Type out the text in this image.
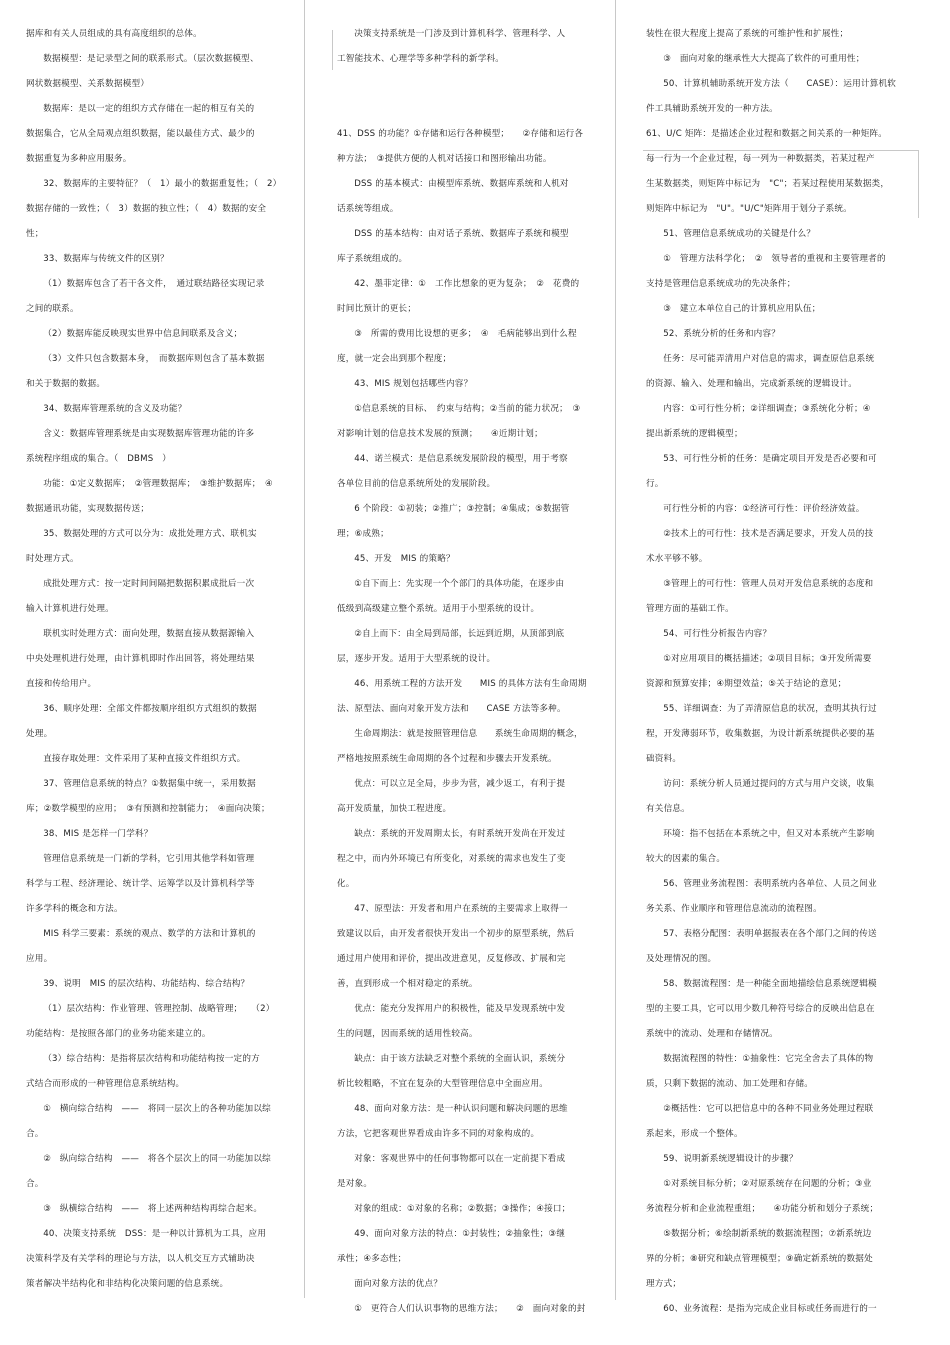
据库和有关人员组成的具有高度组织的总体。

数据模型：是记录型之间的联系形式。（层次数据模型、

网状数据模型、关系数据模型）

数据库：是以一定的组织方式存储在一起的相互有关的

数据集合，它从全局观点组织数据，能以最佳方式、最少的

数据重复为多种应用服务。

32、数据库的主要特征？（　1）最小的数据重复性；（　2）

数据存储的一致性；（　3）数据的独立性；（　4）数据的安全

性；

33、数据库与传统文件的区别？

（1）数据库包含了若干各文件，　通过联结路径实现记录

之间的联系。

（2）数据库能反映现实世界中信息间联系及含义；

（3）文件只包含数据本身，　而数据库则包含了基本数据

和关于数据的数据。

34、数据库管理系统的含义及功能？

含义：数据库管理系统是由实现数据库管理功能的许多

系统程序组成的集合。（　DBMS　）

功能：①定义数据库；　②管理数据库；　③维护数据库；　④

数据通讯功能，实现数据传送；

35、数据处理的方式可以分为：成批处理方式、联机实

时处理方式。

成批处理方式：按一定时间间隔把数据积累成批后一次

输入计算机进行处理。

联机实时处理方式：面向处理，数据直接从数据源输入

中央处理机进行处理，由计算机即时作出回答，将处理结果

直接和传给用户。

36、顺序处理：全部文件都按顺序组织方式组织的数据

处理。

直接存取处理：文件采用了某种直接文件组织方式。

37、管理信息系统的特点？①数据集中统一，采用数据

库；②数学模型的应用；　③有预测和控制能力；　④面向决策；

38、MIS 是怎样一门学科？

管理信息系统是一门新的学科，它引用其他学科如管理

科学与工程、经济理论、统计学、运筹学以及计算机科学等

许多学科的概念和方法。

MIS 科学三要素：系统的观点、数学的方法和计算机的

应用。

39、说明　MIS 的层次结构、功能结构、综合结构？

（1）层次结构：作业管理、管理控制、战略管理；　　（2）

功能结构：是按照各部门的业务功能来建立的。

（3）综合结构：是指将层次结构和功能结构按一定的方

式结合而形成的一种管理信息系统结构。

①　横向综合结构　——　将同一层次上的各种功能加以综

合。

②　纵向综合结构　——　将各个层次上的同一功能加以综

合。

③　纵横综合结构　——　将上述两种结构再综合起来。

40、决策支持系统　DSS：是一种以计算机为工具，应用

决策科学及有关学科的理论与方法，以人机交互方式辅助决

策者解决半结构化和非结构化决策问题的信息系统。

决策支持系统是一门涉及到计算机科学、管理科学、人

工智能技术、心理学等多种学科的新学科。

41、DSS 的功能？①存储和运行各种模型；　　②存储和运行各

种方法；　③提供方便的人机对话接口和图形输出功能。

DSS 的基本模式：由模型库系统、数据库系统和人机对

话系统等组成。

DSS 的基本结构：由对话子系统、数据库子系统和模型

库子系统组成的。

42、墨菲定律：①　工作比想象的更为复杂；　②　花费的

时间比预计的更长；

③　所需的费用比设想的更多；　④　毛病能够出到什么程

度，就一定会出到那个程度；

43、MIS 规划包括哪些内容？

①信息系统的目标、　约束与结构；②当前的能力状况；　③

对影响计划的信息技术发展的预测；　　④近期计划；

44、诺兰模式：是信息系统发展阶段的模型，用于考察

各单位目前的信息系统所处的发展阶段。

6 个阶段：①初装；②推广；③控制；④集成；⑤数据管

理；⑥成熟；

45、开发　MIS 的策略？

①自下而上：先实现一个个部门的具体功能，在逐步由

低级到高级建立整个系统。适用于小型系统的设计。

②自上而下：由全局到局部，长远到近期，从顶部到底

层，逐步开发。适用于大型系统的设计。

46、用系统工程的方法开发　　MIS 的具体方法有生命周期

法、原型法、面向对象开发方法和　　CASE 方法等多种。

生命周期法：就是按照管理信息　　系统生命周期的概念，

严格地按照系统生命周期的各个过程和步骤去开发系统。

优点：可以立足全局，步步为营，减少返工，有利于提

高开发质量，加快工程进度。

缺点：系统的开发周期太长，有时系统开发尚在开发过

程之中，而内外环境已有所变化，对系统的需求也发生了变

化。

47、原型法：开发者和用户在系统的主要需求上取得一

致建议以后，由开发者很快开发出一个初步的原型系统，然后

通过用户使用和评价，提出改进意见，反复修改、扩展和完

善，直到形成一个相对稳定的系统。

优点：能充分发挥用户的积极性，能及早发现系统中发

生的问题，因而系统的适用性较高。

缺点：由于该方法缺乏对整个系统的全面认识，系统分

析比较粗略，不宜在复杂的大型管理信息中全面应用。

48、面向对象方法：是一种认识问题和解决问题的思维

方法，它把客观世界看成由许多不同的对象构成的。

对象：客观世界中的任何事物都可以在一定前提下看成

是对象。

对象的组成：①对象的名称；②数据；③操作；④接口；

49、面向对象方法的特点：①封装性；②抽象性；③继

承性；④多态性；

面向对象方法的优点？

①　更符合人们认识事物的思维方法；　　②　面向对象的封

装性在很大程度上提高了系统的可维护性和扩展性；

③　面向对象的继承性大大提高了软件的可重用性；

50、计算机辅助系统开发方法（　　CASE）：运用计算机软

件工具辅助系统开发的一种方法。

61、U/C 矩阵：是描述企业过程和数据之间关系的一种矩阵。

每一行为一个企业过程，每一列为一种数据类，若某过程产

生某数据类，则矩阵中标记为　"C"；若某过程使用某数据类，

则矩阵中标记为　"U"。"U/C"矩阵用于划分子系统。

51、管理信息系统成功的关键是什么？

①　管理方法科学化；　②　领导者的重视和主要管理者的

支持是管理信息系统成功的先决条件；

③　建立本单位自己的计算机应用队伍；

52、系统分析的任务和内容？

任务：尽可能弄清用户对信息的需求，调查原信息系统

的资源、输入、处理和输出，完成新系统的逻辑设计。

内容：①可行性分析；②详细调查；③系统化分析；④

提出新系统的逻辑模型；

53、可行性分析的任务：是确定项目开发是否必要和可

行。

可行性分析的内容：①经济可行性：评价经济效益。

②技术上的可行性：技术是否满足要求，开发人员的技

术水平够不够。

③管理上的可行性：管理人员对开发信息系统的态度和

管理方面的基础工作。

54、可行性分析报告内容？

①对应用项目的概括描述；②项目目标；③开发所需要

资源和预算安排；④期望效益；⑤关于结论的意见；

55、详细调查：为了弄清原信息的状况，查明其执行过

程，开发薄弱环节，收集数据，为设计新系统提供必要的基

础资料。

访问：系统分析人员通过提问的方式与用户交谈，收集

有关信息。

环境：指不包括在本系统之中，但又对本系统产生影响

较大的因素的集合。

56、管理业务流程图：表明系统内各单位、人员之间业

务关系、作业顺序和管理信息流动的流程图。

57、表格分配图：表明单据报表在各个部门之间的传送

及处理情况的图。

58、数据流程图：是一种能全面地描绘信息系统逻辑模

型的主要工具，它可以用少数几种符号综合的反映出信息在

系统中的流动、处理和存储情况。

数据流程图的特性：①抽象性：它完全舍去了具体的物

质，只剩下数据的流动、加工处理和存储。

②概括性：它可以把信息中的各种不同业务处理过程联

系起来，形成一个整体。

59、说明新系统逻辑设计的步骤？

①对系统目标分析；②对原系统存在问题的分析；③业

务流程分析和企业流程重组；　　④功能分析和划分子系统；

⑤数据分析；⑥绘制新系统的数据流程图；⑦新系统边

界的分析；⑧研究和缺点管理模型；⑨确定新系统的数据处

理方式；

60、业务流程：是指为完成企业目标或任务而进行的一
